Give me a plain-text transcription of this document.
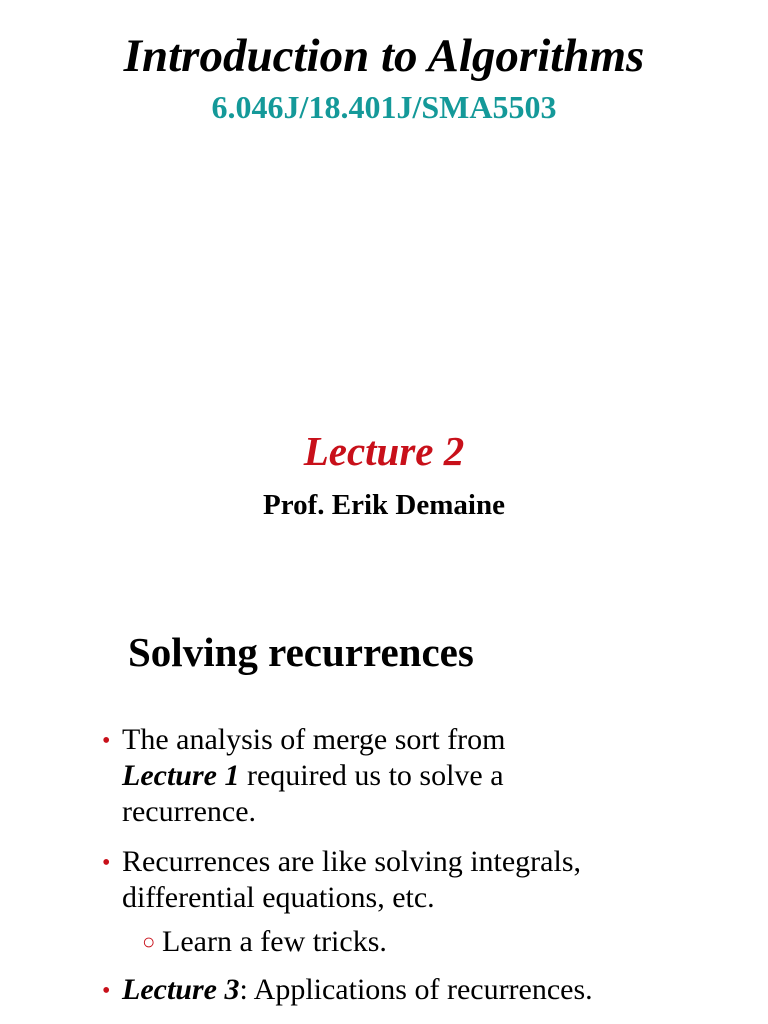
Introduction to Algorithms
6.046J/18.401J/SMA5503
Lecture 2
Prof. Erik Demaine
Solving recurrences
• The analysis of merge sort from
Lecture 1 required us to solve a
recurrence.
• Recurrences are like solving integrals,
differential equations, etc.
○ Learn a few tricks.
• Lecture 3: Applications of recurrences.
